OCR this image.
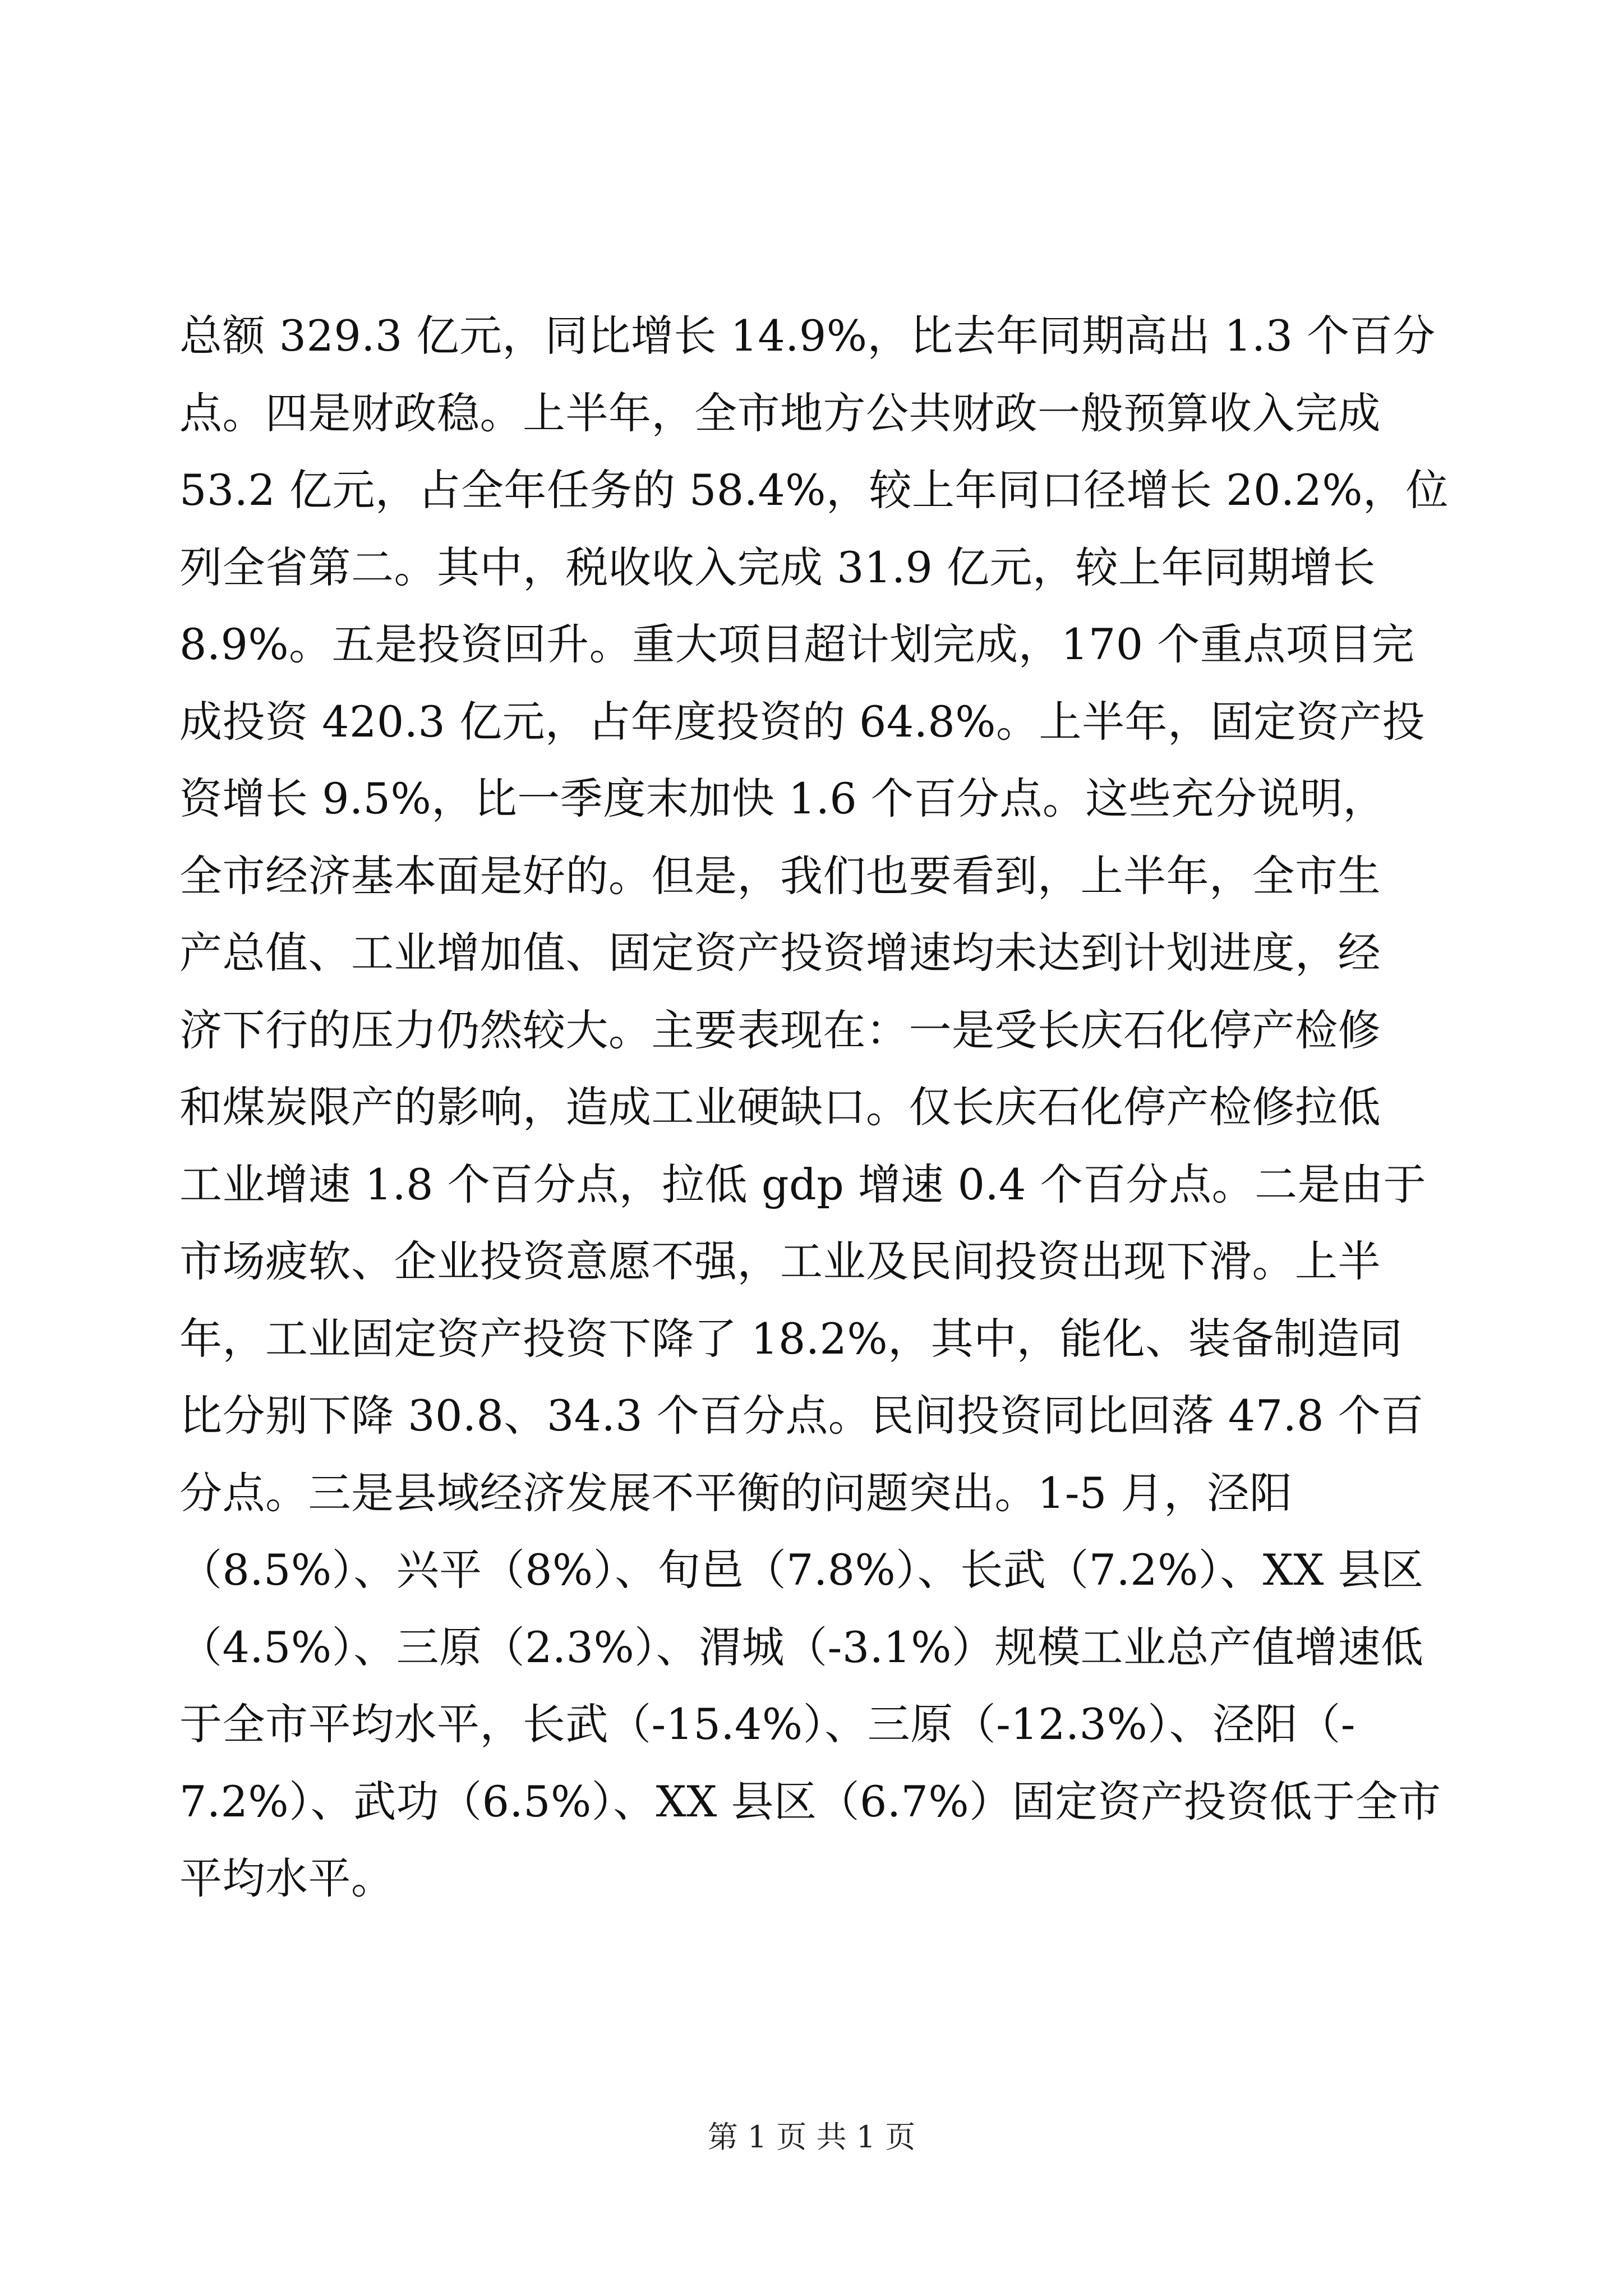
总额 329.3 亿元，同比增长 14.9%，比去年同期高出 1.3 个百分
点。四是财政稳。上半年，全市地方公共财政一般预算收入完成
53.2 亿元，占全年任务的 58.4%，较上年同口径增长 20.2%，位
列全省第二。其中，税收收入完成 31.9 亿元，较上年同期增长
8.9%。五是投资回升。重大项目超计划完成，170 个重点项目完
成投资 420.3 亿元，占年度投资的 64.8%。上半年，固定资产投
资增长 9.5%，比一季度末加快 1.6 个百分点。这些充分说明，
全市经济基本面是好的。但是，我们也要看到，上半年，全市生
产总值、工业增加值、固定资产投资增速均未达到计划进度，经
济下行的压力仍然较大。主要表现在：一是受长庆石化停产检修
和煤炭限产的影响，造成工业硬缺口。仅长庆石化停产检修拉低
工业增速 1.8 个百分点，拉低 gdp 增速 0.4 个百分点。二是由于
市场疲软、企业投资意愿不强，工业及民间投资出现下滑。上半
年，工业固定资产投资下降了 18.2%，其中，能化、装备制造同
比分别下降 30.8、34.3 个百分点。民间投资同比回落 47.8 个百
分点。三是县域经济发展不平衡的问题突出。1-5 月，泾阳
（8.5%）、兴平（8%）、旬邑（7.8%）、长武（7.2%）、XX 县区
（4.5%）、三原（2.3%）、渭城（-3.1%）规模工业总产值增速低
于全市平均水平，长武（-15.4%）、三原（-12.3%）、泾阳（-
7.2%）、武功（6.5%）、XX 县区（6.7%）固定资产投资低于全市
平均水平。
第 1 页 共 1 页
